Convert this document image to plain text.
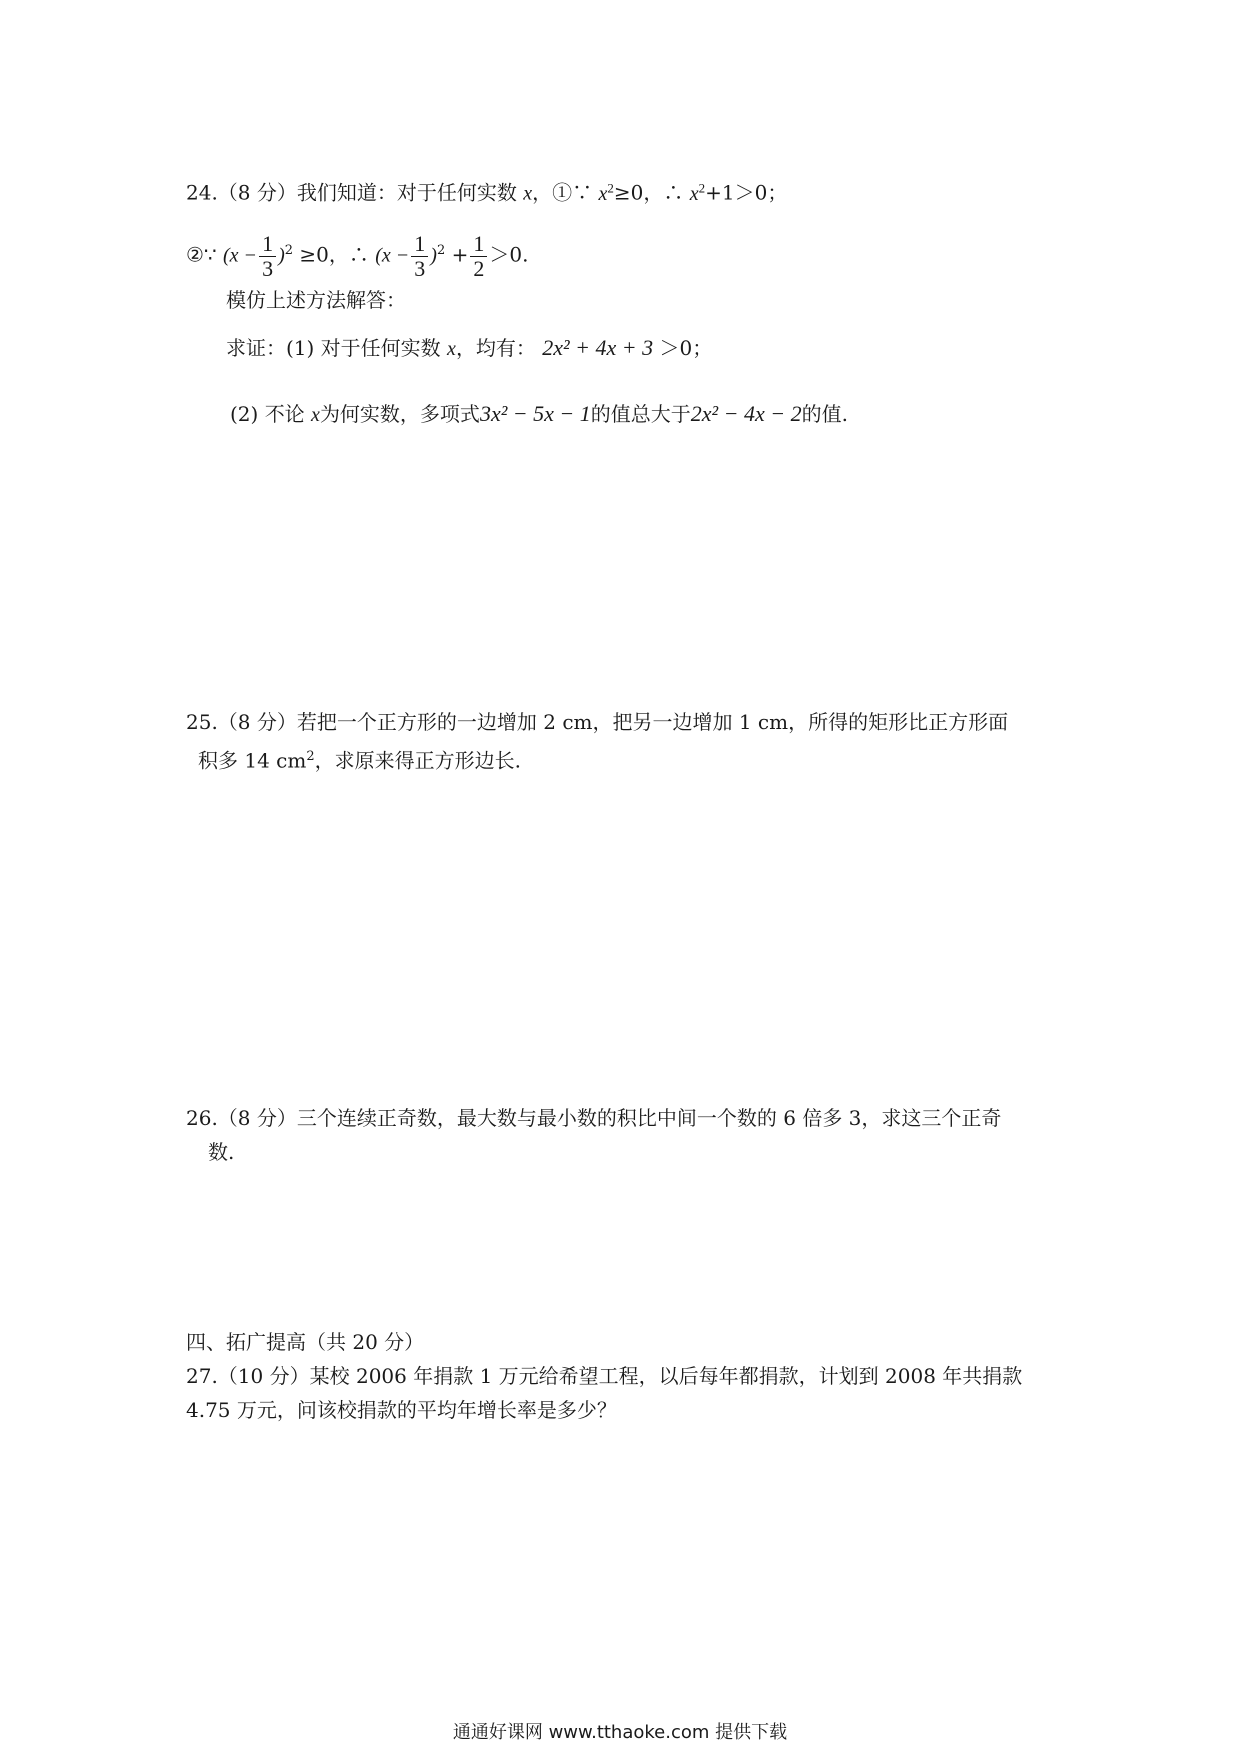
24.（8 分）我们知道：对于任何实数 x，①∵ $x^2\ge 0$，∴ $x^2+1>0$；
②∵ $(x - \frac{1}{3} )^2 \ge 0$，∴ $(x - \frac{1}{3} )^2 + \frac{1}{2} >0$.
模仿上述方法解答：
求证：(1) 对于任何实数 x，均有： 2x² + 4x + 3 ＞0；
(2) 不论 x为何实数，多项式3x² − 5x − 1的值总大于2x² − 4x − 2的值.
25.（8 分）若把一个正方形的一边增加 2 cm，把另一边增加 1 cm，所得的矩形比正方形面
积多 14 $cm^2$，求原来得正方形边长.
26.（8 分）三个连续正奇数，最大数与最小数的积比中间一个数的 6 倍多 3，求这三个正奇
数.
四、拓广提高（共 20 分）
27.（10 分）某校 2006 年捐款 1 万元给希望工程，以后每年都捐款，计划到 2008 年共捐款
4.75 万元，问该校捐款的平均年增长率是多少？
通通好课网 www.tthaoke.com 提供下载
